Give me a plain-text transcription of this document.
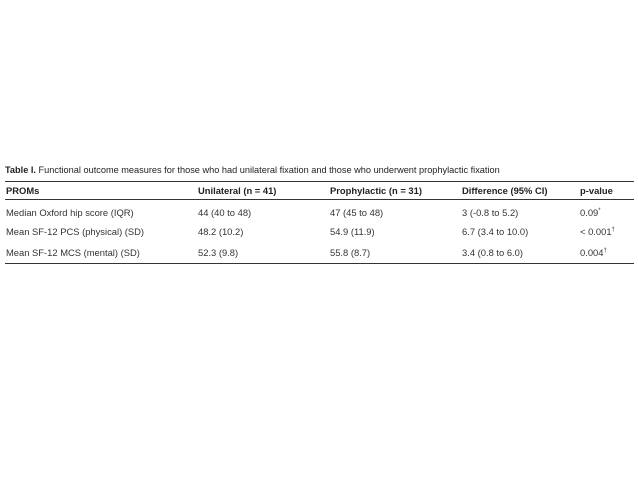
Table I. Functional outcome measures for those who had unilateral fixation and those who underwent prophylactic fixation

PROMs	Unilateral (n = 41)	Prophylactic (n = 31)	Difference (95% CI)	p-value
Median Oxford hip score (IQR)	44 (40 to 48)	47 (45 to 48)	3 (-0.8 to 5.2)	0.09*
Mean SF-12 PCS (physical) (SD)	48.2 (10.2)	54.9 (11.9)	6.7 (3.4 to 10.0)	< 0.001†
Mean SF-12 MCS (mental) (SD)	52.3 (9.8)	55.8 (8.7)	3.4 (0.8 to 6.0)	0.004†
